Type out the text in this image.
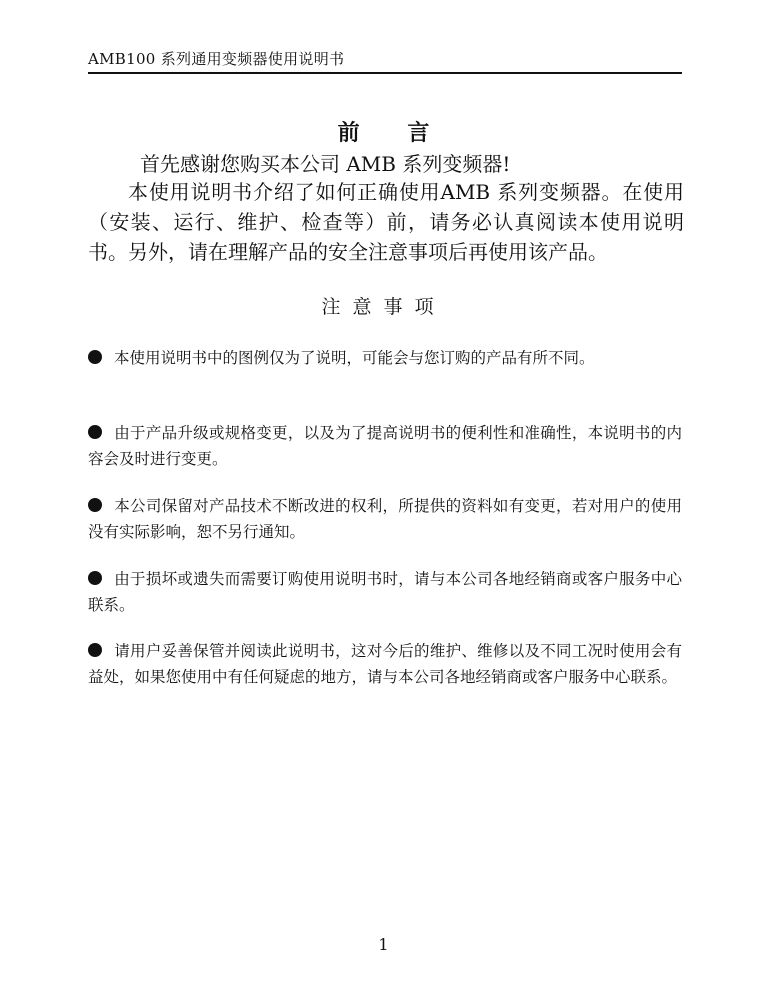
AMB100 系列通用变频器使用说明书
前 言
首先感谢您购买本公司 AMB 系列变频器!
本使用说明书介绍了如何正确使用AMB 系列变频器。在使用（安装、运行、维护、检查等）前，请务必认真阅读本使用说明书。另外，请在理解产品的安全注意事项后再使用该产品。
注意事项
本使用说明书中的图例仅为了说明，可能会与您订购的产品有所不同。
由于产品升级或规格变更，以及为了提高说明书的便利性和准确性，本说明书的内容会及时进行变更。
本公司保留对产品技术不断改进的权利，所提供的资料如有变更，若对用户的使用没有实际影响，恕不另行通知。
由于损坏或遗失而需要订购使用说明书时，请与本公司各地经销商或客户服务中心联系。
请用户妥善保管并阅读此说明书，这对今后的维护、维修以及不同工况时使用会有益处，如果您使用中有任何疑虑的地方，请与本公司各地经销商或客户服务中心联系。
1
